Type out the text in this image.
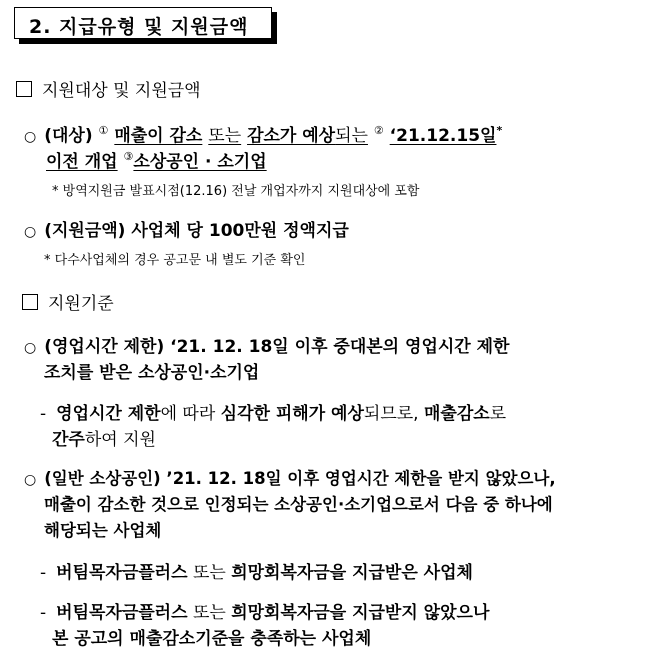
2. 지급유형 및 지원금액
지원대상 및 지원금액
○ (대상) ① 매출이 감소 또는 감소가 예상되는 ② ‘21.12.15일*
이전 개업 ③소상공인 · 소기업
* 방역지원금 발표시점(12.16) 전날 개업자까지 지원대상에 포함
○ (지원금액) 사업체 당 100만원 정액지급
* 다수사업체의 경우 공고문 내 별도 기준 확인
지원기준
○ (영업시간 제한) ‘21. 12. 18일 이후 중대본의 영업시간 제한
조치를 받은 소상공인·소기업
- 영업시간 제한에 따라 심각한 피해가 예상되므로, 매출감소로
간주하여 지원
○ (일반 소상공인) ’21. 12. 18일 이후 영업시간 제한을 받지 않았으나,
매출이 감소한 것으로 인정되는 소상공인·소기업으로서 다음 중 하나에
해당되는 사업체
- 버팀목자금플러스 또는 희망회복자금을 지급받은 사업체
- 버팀목자금플러스 또는 희망회복자금을 지급받지 않았으나
본 공고의 매출감소기준을 충족하는 사업체
